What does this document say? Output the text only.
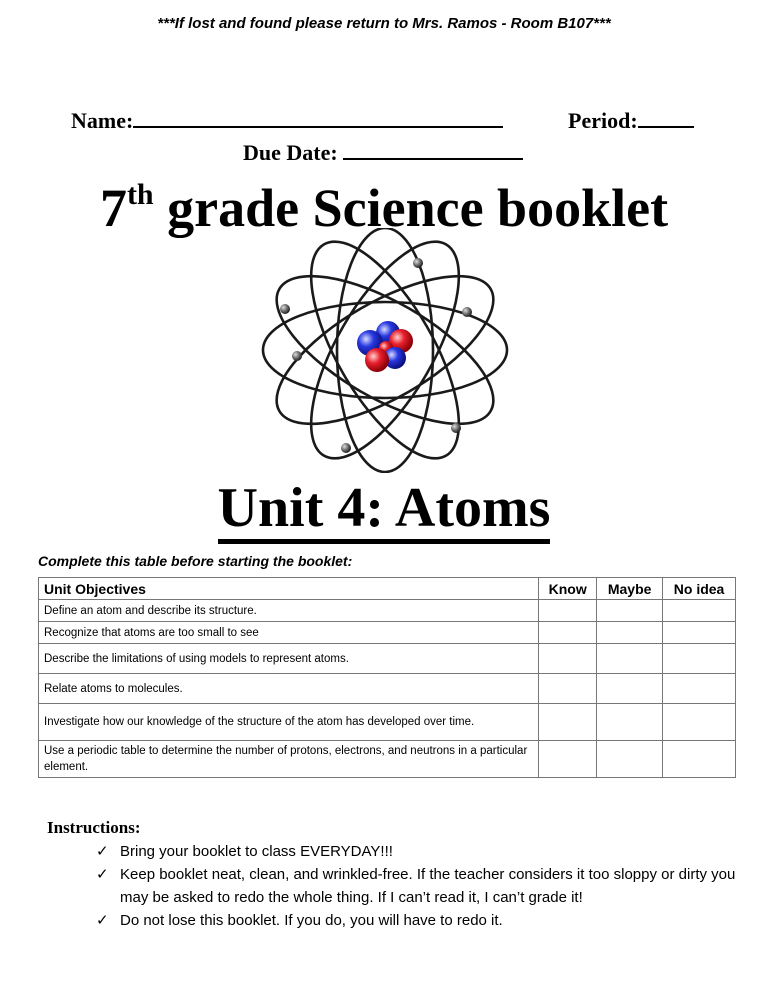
***If lost and found please return to Mrs. Ramos - Room B107***
Name:	Period:
Due Date:
7th grade Science booklet
Unit 4: Atoms
Complete this table before starting the booklet:
Unit Objectives	Know	Maybe	No idea
Define an atom and describe its structure.			
Recognize that atoms are too small to see			
Describe the limitations of using models to represent atoms.			
Relate atoms to molecules.			
Investigate how our knowledge of the structure of the atom has developed over time.			
Use a periodic table to determine the number of protons, electrons, and neutrons in a particular element.			
Instructions:
✓ Bring your booklet to class EVERYDAY!!!
✓ Keep booklet neat, clean, and wrinkled-free. If the teacher considers it too sloppy or dirty you may be asked to redo the whole thing. If I can’t read it, I can’t grade it!
✓ Do not lose this booklet. If you do, you will have to redo it.
